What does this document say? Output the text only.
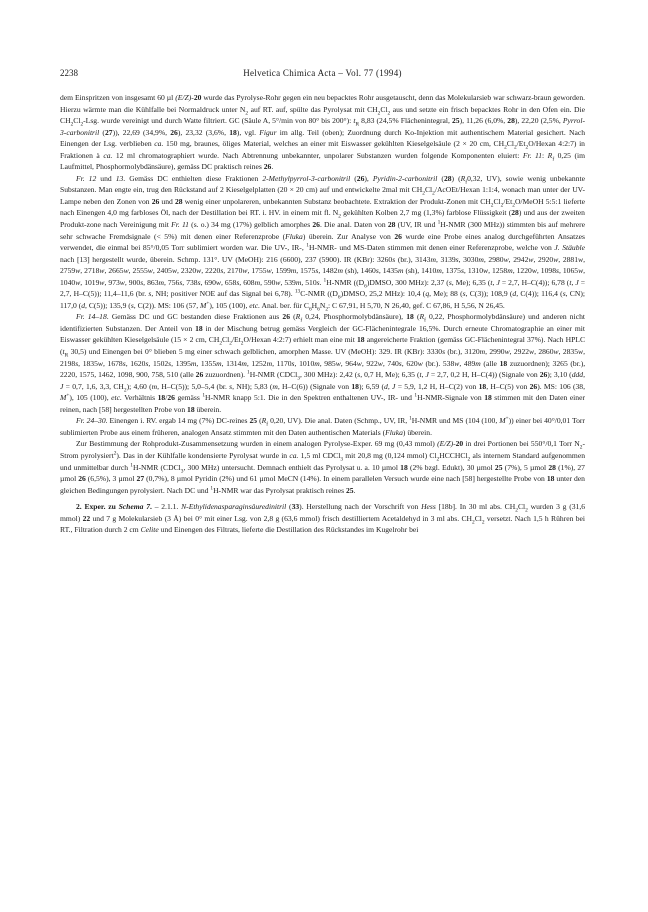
2238	Helvetica Chimica Acta – Vol. 77 (1994)

dem Einspritzen von insgesamt 60 µl (E/Z)-20 wurde das Pyrolyse-Rohr gegen ein neu bepacktes Rohr ausgetauscht, denn das Molekularsieb war schwarz-braun geworden. Hierzu wärmte man die Kühlfalle bei Normaldruck unter $N_2$ auf RT. auf, spülte das Pyrolysat mit $CH_2Cl_2$ aus und setzte ein frisch bepacktes Rohr in den Ofen ein. Die $CH_2Cl_2$-Lsg. wurde vereinigt und durch Watte filtriert. GC (Säule A, 5°/min von 80° bis 200°): $t_R$ 8,83 (24,5% Flächenintegral, 25), 11,26 (6,0%, 28), 22,20 (2,5%, Pyrrol-3-carbonitril (27)), 22,69 (34,9%, 26), 23,32 (3,6%, 18), vgl. Figur im allg. Teil (oben); Zuordnung durch Ko-Injektion mit authentischem Material gesichert. Nach Einengen der Lsg. verblieben ca. 150 mg, braunes, öliges Material, welches an einer mit Eiswasser gekühlten Kieselgelsäule (2 × 20 cm, $CH_2Cl_2/Et_2O$/Hexan 4:2:7) in Fraktionen à ca. 12 ml chromatographiert wurde. Nach Abtrennung unbekannter, unpolarer Substanzen wurden folgende Komponenten eluiert: Fr. 11: $R_f$ 0,25 (im Laufmittel, Phosphormolybdänsäure), gemäss DC praktisch reines 26.

Fr. 12 und 13. Gemäss DC enthielten diese Fraktionen 2-Methylpyrrol-3-carbonitril (26), Pyridin-2-carbonitril (28) ($R_f0,32$, UV), sowie wenig unbekannte Substanzen. Man engte ein, trug den Rückstand auf 2 Kieselgelplatten (20 × 20 cm) auf und entwickelte 2mal mit $CH_2Cl_2/AcOEt$/Hexan 1:1:4, wonach man unter der UV-Lampe neben den Zonen von 26 und 28 wenig einer unpolareren, unbekannten Substanz beobachtete. Extraktion der Produkt-Zonen mit $CH_2Cl_2/Et_2O$/MeOH 5:5:1 lieferte nach Einengen 4,0 mg farbloses Öl, nach der Destillation bei RT. i. HV. in einem mit fl. $N_2$ gekühlten Kolben 2,7 mg (1,3%) farblose Flüssigkeit (28) und aus der zweiten Produkt-zone nach Vereinigung mit Fr. 11 (s. o.) 34 mg (17%) gelblich amorphes 26. Die anal. Daten von 28 (UV, IR und $^1$H-NMR (300 MHz)) stimmten bis auf mehrere sehr schwache Fremdsignale (< 5%) mit denen einer Referenzprobe (Fluka) überein. Zur Analyse von 26 wurde eine Probe eines analog durchgeführten Ansatzes verwendet, die einmal bei 85°/0,05 Torr sublimiert worden war. Die UV-, IR-, $^1$H-NMR- und MS-Daten stimmen mit denen einer Referenzprobe, welche von J. Stäuble nach [13] hergestellt wurde, überein. Schmp. 131°. UV (MeOH): 216 (6600), 237 (5900). IR (KBr): 3260s (br.), 3143m, 3139s, 3030m, 2980w, 2942w, 2920w, 2881w, 2759w, 2718w, 2665w, 2555w, 2405w, 2320w, 2220s, 2170w, 1755w, 1599m, 1575s, 1482m (sh), 1460s, 1435m (sh), 1410m, 1375s, 1310w, 1258m, 1220w, 1098s, 1065w, 1040w, 1019w, 973w, 900s, 863m, 756s, 738s, 690w, 658s, 608m, 590w, 539m, 510s. $^1$H-NMR ($(D_6)DMSO$, 300 MHz): 2,37 (s, Me); 6,35 (t, J = 2,7, H–C(4)); 6,78 (t, J = 2,7, H–C(5)); 11,4–11,6 (br. s, NH; positiver NOE auf das Signal bei 6,78). $^{13}$C-NMR ($(D_6)DMSO$, 25,2 MHz): 10,4 (q, Me); 88 (s, C(3)); 108,9 (d, C(4)); 116,4 (s, CN); 117,0 (d, C(5)); 135,9 (s, C(2)). MS: 106 (57, M+), 105 (100), etc. Anal. ber. für $C_6H_6N_2$: C 67,91, H 5,70, N 26,40, gef. C 67,86, H 5,56, N 26,45.

Fr. 14–18. Gemäss DC und GC bestanden diese Fraktionen aus 26 ($R_f$ 0,24, Phosphormolybdänsäure), 18 ($R_f$ 0,22, Phosphormolybdänsäure) und anderen nicht identifizierten Substanzen. Der Anteil von 18 in der Mischung betrug gemäss Vergleich der GC-Flächenintegrale 16,5%. Durch erneute Chromatographie an einer mit Eiswasser gekühlten Kieselgelsäule (15 × 2 cm, $CH_2Cl_2/Et_2O$/Hexan 4:2:7) erhielt man eine mit 18 angereicherte Fraktion (gemäss GC-Flächenintegral 37%). Nach HPLC ($t_R$ 30,5) und Einengen bei 0° blieben 5 mg einer schwach gelblichen, amorphen Masse. UV (MeOH): 329. IR (KBr): 3330s (br.), 3120m, 2990w, 2922w, 2860w, 2835w, 2198s, 1835w, 1678s, 1620s, 1502s, 1395m, 1355m, 1314m, 1252m, 1170s, 1010m, 985w, 964w, 922w, 740s, 620w (br.). 538w, 489m (alle 18 zuzuordnen); 3265 (br.), 2220, 1575, 1462, 1098, 900, 758, 510 (alle 26 zuzuordnen). $^1$H-NMR (CDCl$_3$, 300 MHz): 2,42 (s, 0,7 H, Me); 6,35 (t, J = 2,7, 0,2 H, H–C(4)) (Signale von 26); 3,10 (ddd, J = 0,7, 1,6, 3,3, $CH_2$); 4,60 (m, H–C(5)); 5,0–5,4 (br. s, NH); 5,83 (m, H–C(6)) (Signale von 18); 6,59 (d, J = 5,9, 1,2 H, H–C(2) von 18, H–C(5) von 26). MS: 106 (38, M+), 105 (100), etc. Verhältnis 18/26 gemäss $^1$H-NMR knapp 5:1. Die in den Spektren enthaltenen UV-, IR- und $^1$H-NMR-Signale von 18 stimmen mit den Daten einer reinen, nach [58] hergestellten Probe von 18 überein.

Fr. 24–30. Einengen i. RV. ergab 14 mg (7%) DC-reines 25 ($R_f$ 0,20, UV). Die anal. Daten (Schmp., UV, IR, $^1$H-NMR und MS (104 (100, M+)) einer bei 40°/0,01 Torr sublimierten Probe aus einem früheren, analogen Ansatz stimmten mit den Daten authentischen Materials (Fluka) überein.

Zur Bestimmung der Rohprodukt-Zusammensetzung wurden in einem analogen Pyrolyse-Exper. 69 mg (0,43 mmol) (E/Z)-20 in drei Portionen bei 550°/0,1 Torr $N_2$-Strom pyrolysiert$^2$). Das in der Kühlfalle kondensierte Pyrolysat wurde in ca. 1,5 ml CDCl$_3$ mit 20,8 mg (0,124 mmol) $Cl_2HCCHCl_2$ als internem Standard aufgenommen und unmittelbar durch $^1$H-NMR (CDCl$_3$, 300 MHz) untersucht. Demnach enthielt das Pyrolysat u. a. 10 µmol 18 (2% bzgl. Edukt), 30 µmol 25 (7%), 5 µmol 28 (1%), 27 µmol 26 (6,5%), 3 µmol 27 (0,7%), 8 µmol Pyridin (2%) und 61 µmol MeCN (14%). In einem parallelen Versuch wurde eine nach [58] hergestellte Probe von 18 unter den gleichen Bedingungen pyrolysiert. Nach DC und $^1$H-NMR war das Pyrolysat praktisch reines 25.

2. Exper. zu Schema 7. – 2.1.1. N-Ethylidenasparaginsäuredinitril (33). Herstellung nach der Vorschrift von Hess [18b]. In 30 ml abs. $CH_2Cl_2$ wurden 3 g (31,6 mmol) 22 und 7 g Molekularsieb (3 Å) bei 0° mit einer Lsg. von 2,8 g (63,6 mmol) frisch destilliertem Acetaldehyd in 3 ml abs. $CH_2Cl_2$ versetzt. Nach 1,5 h Rühren bei RT., Filtration durch 2 cm Celite und Einengen des Filtrats, lieferte die Destillation des Rückstandes im Kugelrohr bei
